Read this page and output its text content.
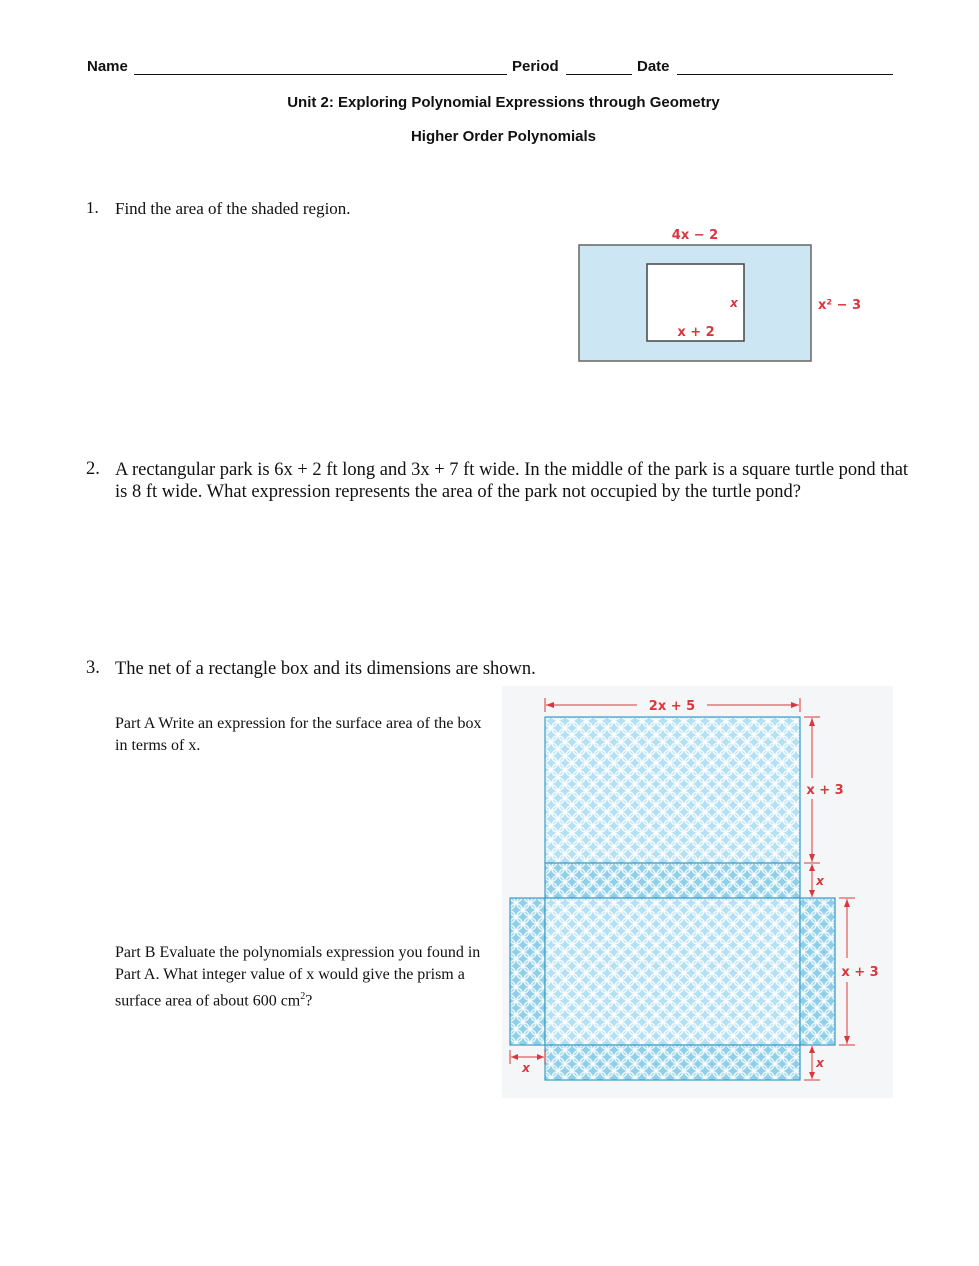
Name	Period	Date
Unit 2: Exploring Polynomial Expressions through Geometry
Higher Order Polynomials
1. Find the area of the shaded region.
4x − 2
x² − 3
x + 2
x
2. A rectangular park is 6x + 2 ft long and 3x + 7 ft wide. In the middle of the park is a square turtle pond that is 8 ft wide. What expression represents the area of the park not occupied by the turtle pond?
3. The net of a rectangle box and its dimensions are shown.
Part A Write an expression for the surface area of the box in terms of x.
Part B Evaluate the polynomials expression you found in Part A. What integer value of x would give the prism a surface area of about 600 $cm^2$?
2x + 5
x + 3
x
x + 3
x
x
